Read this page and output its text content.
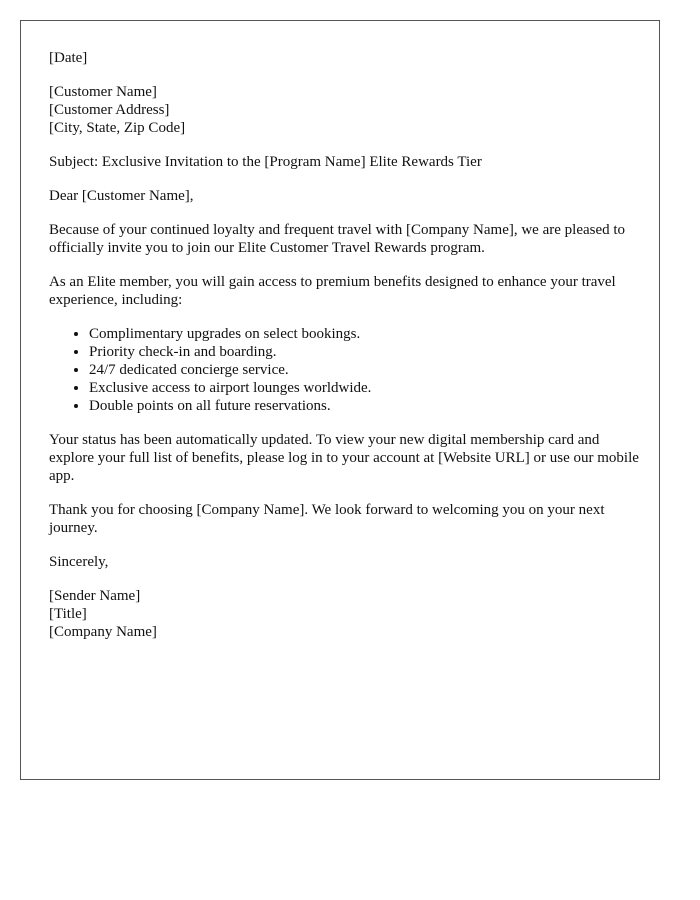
[Date]
[Customer Name]
[Customer Address]
[City, State, Zip Code]
Subject: Exclusive Invitation to the [Program Name] Elite Rewards Tier
Dear [Customer Name],

Because of your continued loyalty and frequent travel with [Company Name], we are pleased to officially invite you to join our Elite Customer Travel Rewards program.

As an Elite member, you will gain access to premium benefits designed to enhance your travel experience, including:

• Complimentary upgrades on select bookings.
• Priority check-in and boarding.
• 24/7 dedicated concierge service.
• Exclusive access to airport lounges worldwide.
• Double points on all future reservations.

Your status has been automatically updated. To view your new digital membership card and explore your full list of benefits, please log in to your account at [Website URL] or use our mobile app.

Thank you for choosing [Company Name]. We look forward to welcoming you on your next journey.

Sincerely,
[Sender Name]
[Title]
[Company Name]
